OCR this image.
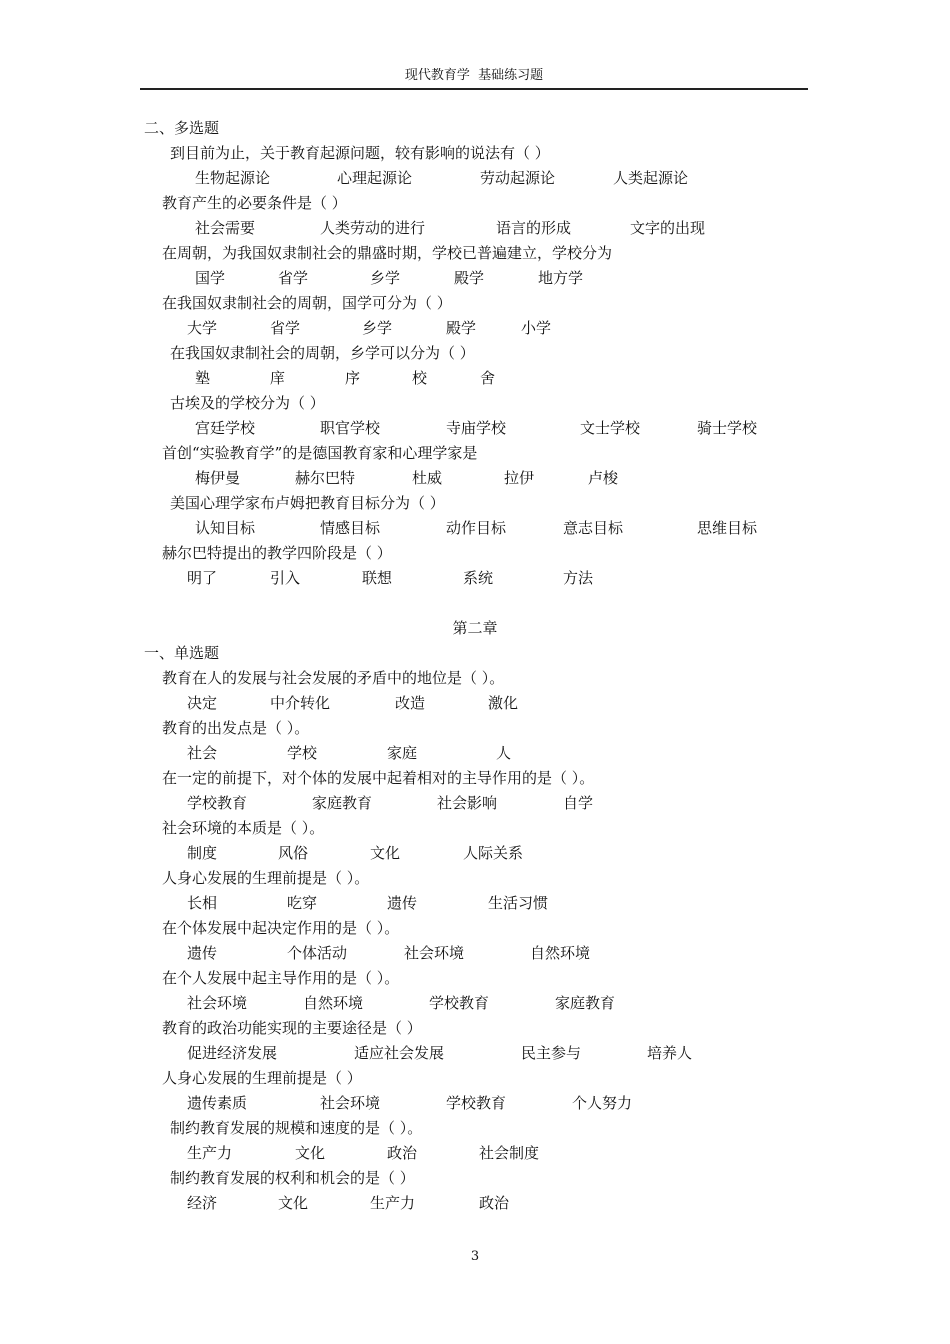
现代教育学  基础练习题
二、多选题
到目前为止，关于教育起源问题，较有影响的说法有（ ）
生物起源论	心理起源论	劳动起源论	人类起源论
教育产生的必要条件是（ ）
社会需要	人类劳动的进行	语言的形成	文字的出现
在周朝，为我国奴隶制社会的鼎盛时期，学校已普遍建立，学校分为
国学	省学	乡学	殿学	地方学
在我国奴隶制社会的周朝，国学可分为（ ）
大学	省学	乡学	殿学	小学
在我国奴隶制社会的周朝，乡学可以分为（ ）
塾	庠	序	校	舍
古埃及的学校分为（ ）
宫廷学校	职官学校	寺庙学校	文士学校	骑士学校
首创“实验教育学”的是德国教育家和心理学家是
梅伊曼	赫尔巴特	杜威	拉伊	卢梭
美国心理学家布卢姆把教育目标分为（ ）
认知目标	情感目标	动作目标	意志目标	思维目标
赫尔巴特提出的教学四阶段是（ ）
明了	引入	联想	系统	方法
第二章
一、单选题
教育在人的发展与社会发展的矛盾中的地位是（ ）。
决定	中介转化	改造	激化
教育的出发点是（ ）。
社会	学校	家庭	人
在一定的前提下，对个体的发展中起着相对的主导作用的是（ ）。
学校教育	家庭教育	社会影响	自学
社会环境的本质是（ ）。
制度	风俗	文化	人际关系
人身心发展的生理前提是（ ）。
长相	吃穿	遗传	生活习惯
在个体发展中起决定作用的是（ ）。
遗传	个体活动	社会环境	自然环境
在个人发展中起主导作用的是（ ）。
社会环境	自然环境	学校教育	家庭教育
教育的政治功能实现的主要途径是（ ）
促进经济发展	适应社会发展	民主参与	培养人
人身心发展的生理前提是（ ）
遗传素质	社会环境	学校教育	个人努力
制约教育发展的规模和速度的是（ ）。
生产力	文化	政治	社会制度
制约教育发展的权利和机会的是（ ）
经济	文化	生产力	政治
3
